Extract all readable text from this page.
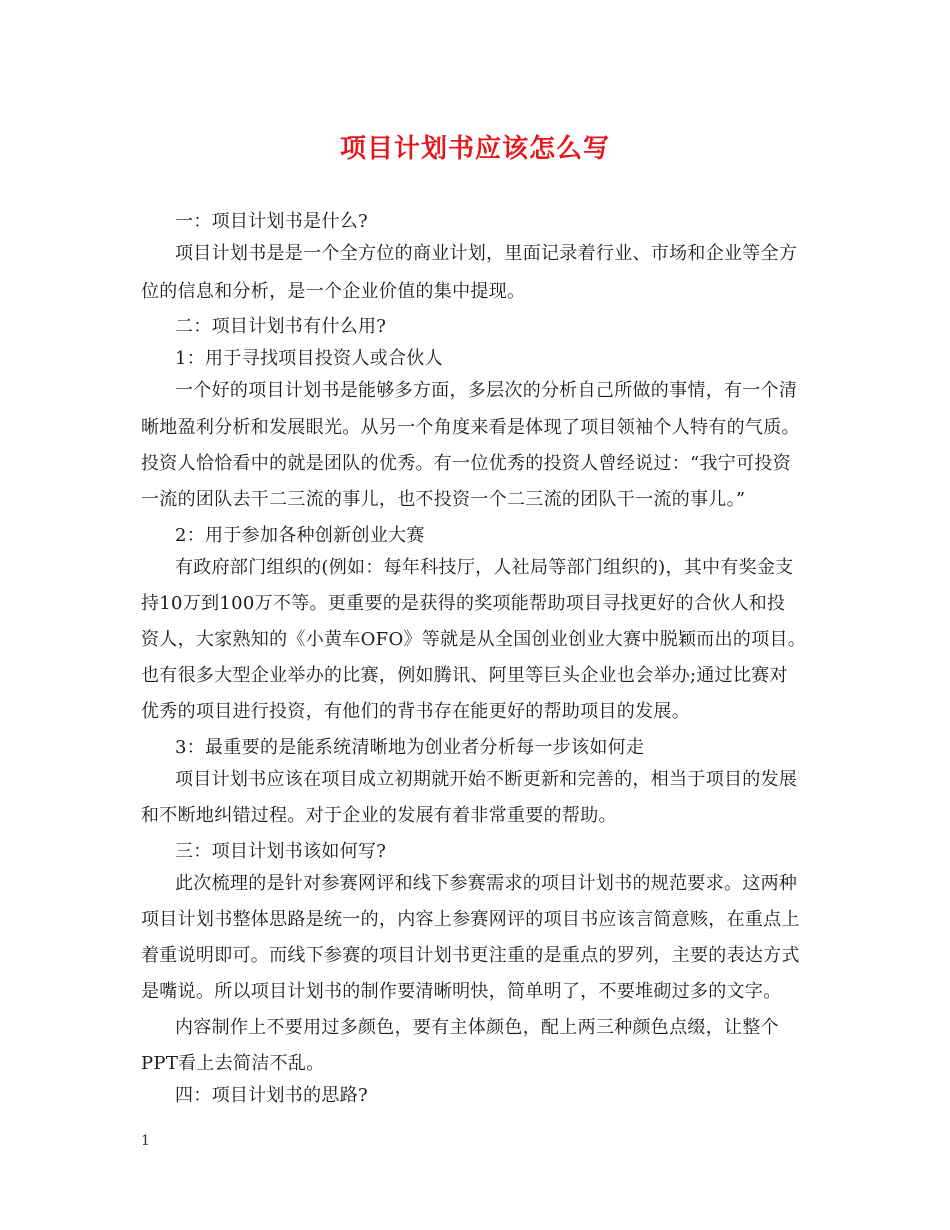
项目计划书应该怎么写
一：项目计划书是什么?
项目计划书是是一个全方位的商业计划，里面记录着行业、市场和企业等全方
位的信息和分析，是一个企业价值的集中提现。
二：项目计划书有什么用?
1：用于寻找项目投资人或合伙人
一个好的项目计划书是能够多方面，多层次的分析自己所做的事情，有一个清
晰地盈利分析和发展眼光。从另一个角度来看是体现了项目领袖个人特有的气质。
投资人恰恰看中的就是团队的优秀。有一位优秀的投资人曾经说过：“我宁可投资
一流的团队去干二三流的事儿，也不投资一个二三流的团队干一流的事儿。”
2：用于参加各种创新创业大赛
有政府部门组织的(例如：每年科技厅，人社局等部门组织的)，其中有奖金支
持10万到100万不等。更重要的是获得的奖项能帮助项目寻找更好的合伙人和投
资人，大家熟知的《小黄车OFO》等就是从全国创业创业大赛中脱颖而出的项目。
也有很多大型企业举办的比赛，例如腾讯、阿里等巨头企业也会举办;通过比赛对
优秀的项目进行投资，有他们的背书存在能更好的帮助项目的发展。
3：最重要的是能系统清晰地为创业者分析每一步该如何走
项目计划书应该在项目成立初期就开始不断更新和完善的，相当于项目的发展
和不断地纠错过程。对于企业的发展有着非常重要的帮助。
三：项目计划书该如何写?
此次梳理的是针对参赛网评和线下参赛需求的项目计划书的规范要求。这两种
项目计划书整体思路是统一的，内容上参赛网评的项目书应该言简意赅，在重点上
着重说明即可。而线下参赛的项目计划书更注重的是重点的罗列，主要的表达方式
是嘴说。所以项目计划书的制作要清晰明快，简单明了，不要堆砌过多的文字。
内容制作上不要用过多颜色，要有主体颜色，配上两三种颜色点缀，让整个
PPT看上去简洁不乱。
四：项目计划书的思路?
1
